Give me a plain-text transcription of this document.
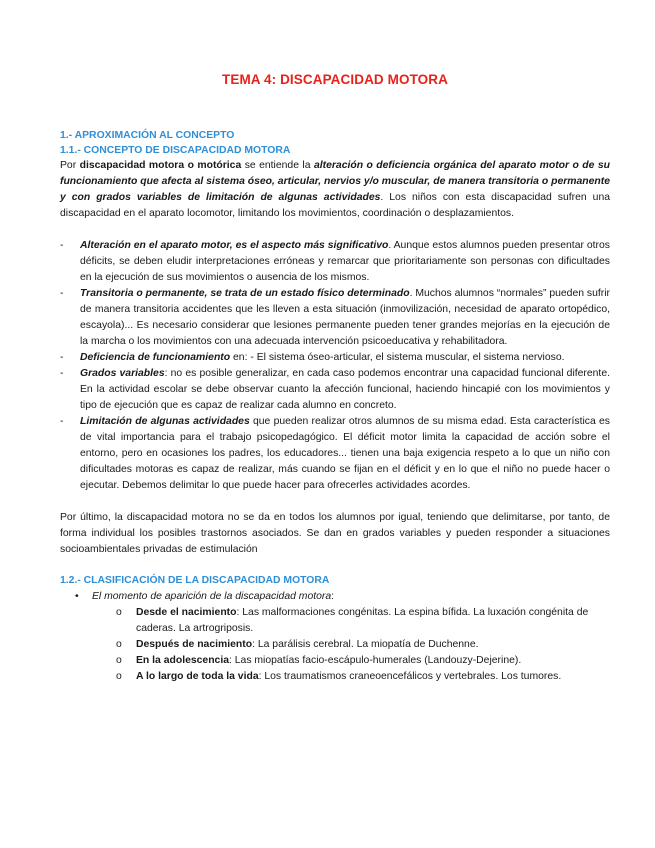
TEMA 4: DISCAPACIDAD MOTORA
1.- APROXIMACIÓN AL CONCEPTO
1.1.- CONCEPTO DE DISCAPACIDAD MOTORA

Por discapacidad motora o motórica se entiende la alteración o deficiencia orgánica del aparato motor o de su funcionamiento que afecta al sistema óseo, articular, nervios y/o muscular, de manera transitoria o permanente y con grados variables de limitación de algunas actividades. Los niños con esta discapacidad sufren una discapacidad en el aparato locomotor, limitando los movimientos, coordinación o desplazamientos.

- Alteración en el aparato motor, es el aspecto más significativo. Aunque estos alumnos pueden presentar otros déficits, se deben eludir interpretaciones erróneas y remarcar que prioritariamente son personas con dificultades en la ejecución de sus movimientos o ausencia de los mismos.
- Transitoria o permanente, se trata de un estado físico determinado. Muchos alumnos “normales” pueden sufrir de manera transitoria accidentes que les lleven a esta situación (inmovilización, necesidad de aparato ortopédico, escayola)... Es necesario considerar que lesiones permanente pueden tener grandes mejorías en la ejecución de la marcha o los movimientos con una adecuada intervención psicoeducativa y rehabilitadora.
- Deficiencia de funcionamiento en: - El sistema óseo-articular, el sistema muscular, el sistema nervioso.
- Grados variables: no es posible generalizar, en cada caso podemos encontrar una capacidad funcional diferente. En la actividad escolar se debe observar cuanto la afección funcional, haciendo hincapié con los movimientos y tipo de ejecución que es capaz de realizar cada alumno en concreto.
- Limitación de algunas actividades que pueden realizar otros alumnos de su misma edad. Esta característica es de vital importancia para el trabajo psicopedagógico. El déficit motor limita la capacidad de acción sobre el entorno, pero en ocasiones los padres, los educadores... tienen una baja exigencia respeto a lo que un niño con dificultades motoras es capaz de realizar, más cuando se fijan en el déficit y en lo que el niño no puede hacer o ejecutar. Debemos delimitar lo que puede hacer para ofrecerles actividades acordes.

Por último, la discapacidad motora no se da en todos los alumnos por igual, teniendo que delimitarse, por tanto, de forma individual los posibles trastornos asociados. Se dan en grados variables y pueden responder a situaciones socioambientales privadas de estimulación

1.2.- CLASIFICACIÓN DE LA DISCAPACIDAD MOTORA
• El momento de aparición de la discapacidad motora:
o Desde el nacimiento: Las malformaciones congénitas. La espina bífida. La luxación congénita de caderas. La artrogriposis.
o Después de nacimiento: La parálisis cerebral. La miopatía de Duchenne.
o En la adolescencia: Las miopatías facio-escápulo-humerales (Landouzy-Dejerine).
o A lo largo de toda la vida: Los traumatismos craneoencefálicos y vertebrales. Los tumores.
